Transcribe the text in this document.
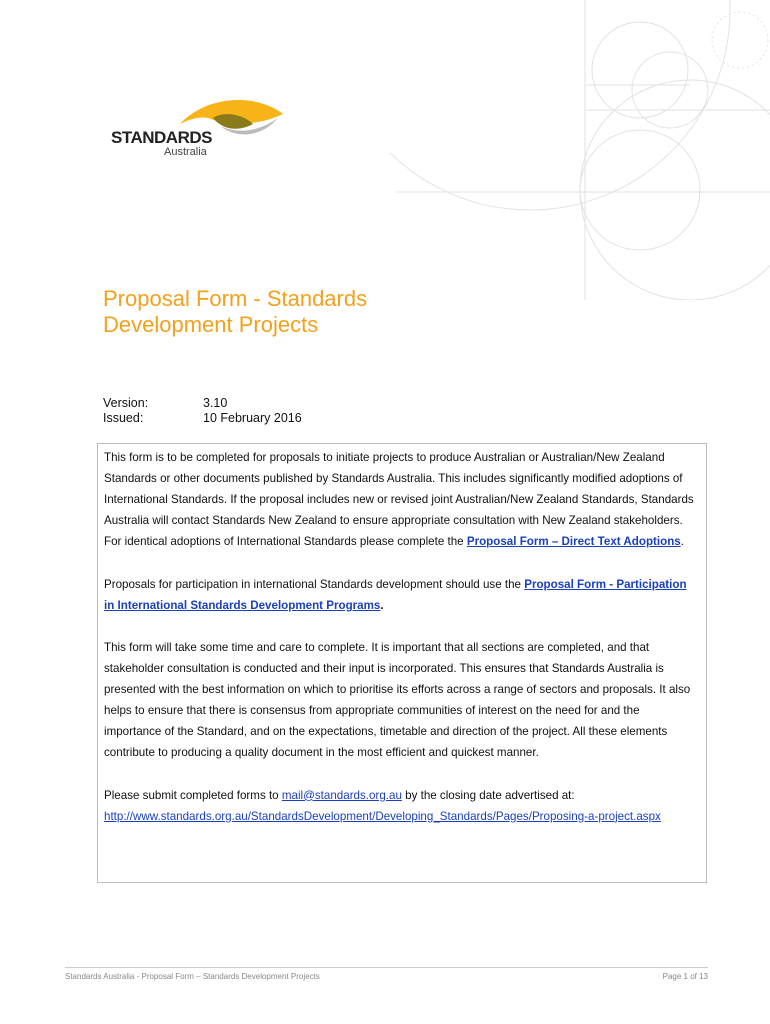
STANDARDS
Australia
Proposal Form - Standards Development Projects
Version:	3.10
Issued:	10 February 2016

This form is to be completed for proposals to initiate projects to produce Australian or Australian/New Zealand Standards or other documents published by Standards Australia. This includes significantly modified adoptions of International Standards. If the proposal includes new or revised joint Australian/New Zealand Standards, Standards Australia will contact Standards New Zealand to ensure appropriate consultation with New Zealand stakeholders. For identical adoptions of International Standards please complete the Proposal Form – Direct Text Adoptions.

Proposals for participation in international Standards development should use the Proposal Form - Participation in International Standards Development Programs.

This form will take some time and care to complete. It is important that all sections are completed, and that stakeholder consultation is conducted and their input is incorporated. This ensures that Standards Australia is presented with the best information on which to prioritise its efforts across a range of sectors and proposals. It also helps to ensure that there is consensus from appropriate communities of interest on the need for and the importance of the Standard, and on the expectations, timetable and direction of the project. All these elements contribute to producing a quality document in the most efficient and quickest manner.

Please submit completed forms to mail@standards.org.au by the closing date advertised at: http://www.standards.org.au/StandardsDevelopment/Developing_Standards/Pages/Proposing-a-project.aspx

Standards Australia - Proposal Form – Standards Development Projects	Page 1 of 13
